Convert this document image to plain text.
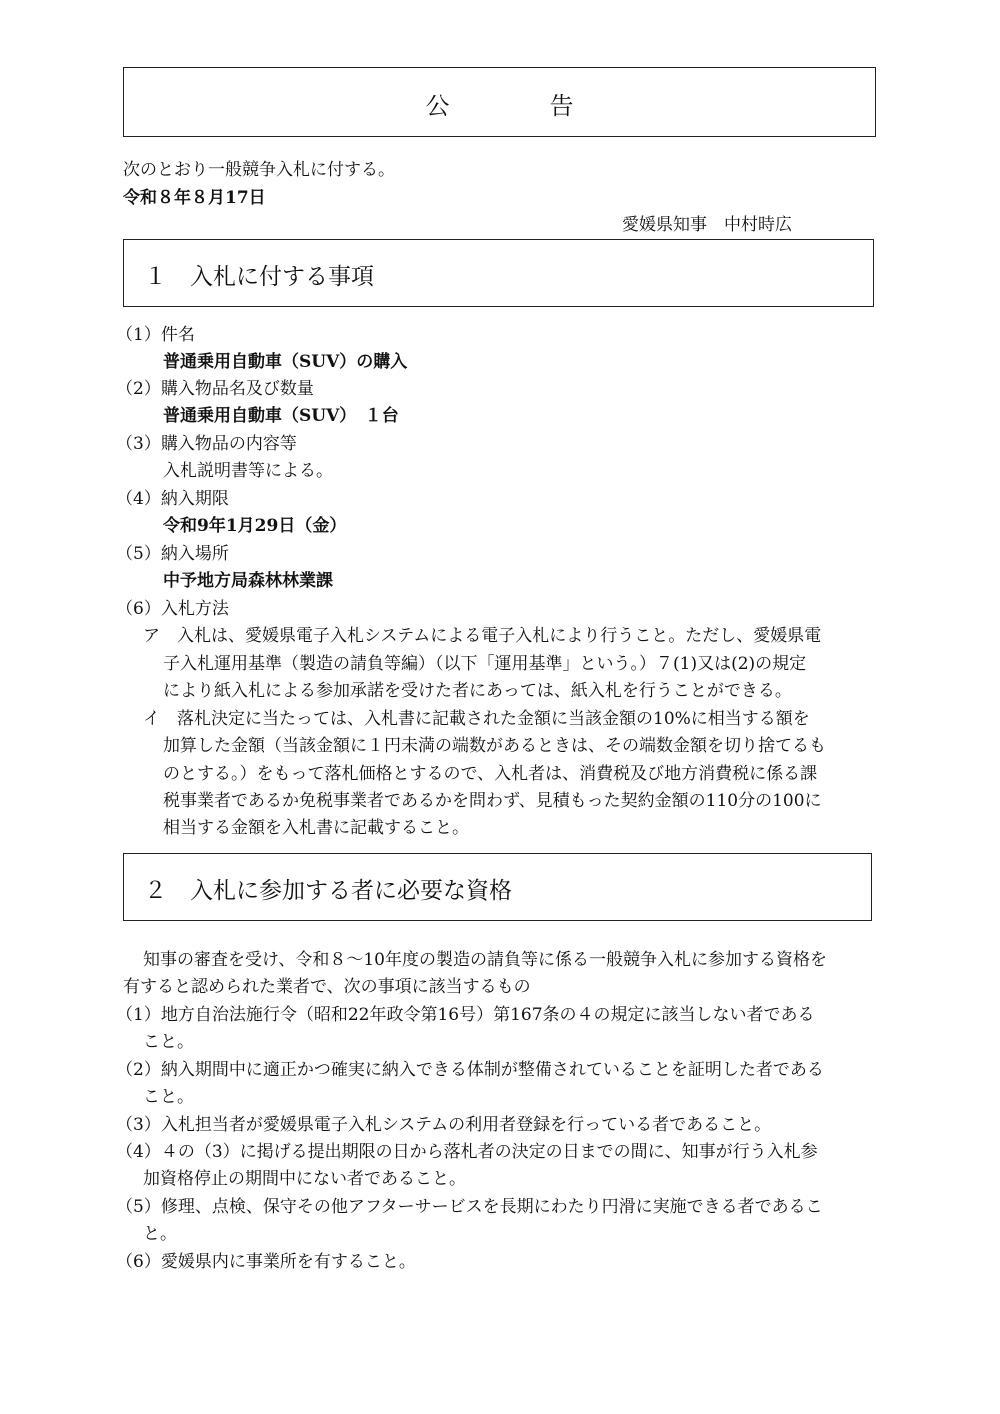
公　告
次のとおり一般競争入札に付する。
令和８年８月17日
愛媛県知事　中村時広
１　入札に付する事項
（1）件名
普通乗用自動車（SUV）の購入
（2）購入物品名及び数量
普通乗用自動車（SUV）　１台
（3）購入物品の内容等
入札説明書等による。
（4）納入期限
令和9年1月29日（金）
（5）納入場所
中予地方局森林林業課
（6）入札方法
ア　入札は、愛媛県電子入札システムによる電子入札により行うこと。ただし、愛媛県電
子入札運用基準（製造の請負等編）（以下「運用基準」という。）７(1)又は(2)の規定
により紙入札による参加承諾を受けた者にあっては、紙入札を行うことができる。
イ　落札決定に当たっては、入札書に記載された金額に当該金額の10%に相当する額を
加算した金額（当該金額に１円未満の端数があるときは、その端数金額を切り捨てるも
のとする。）をもって落札価格とするので、入札者は、消費税及び地方消費税に係る課
税事業者であるか免税事業者であるかを問わず、見積もった契約金額の110分の100に
相当する金額を入札書に記載すること。
２　入札に参加する者に必要な資格
知事の審査を受け、令和８〜10年度の製造の請負等に係る一般競争入札に参加する資格を
有すると認められた業者で、次の事項に該当するもの
（1）地方自治法施行令（昭和22年政令第16号）第167条の４の規定に該当しない者である
こと。
（2）納入期間中に適正かつ確実に納入できる体制が整備されていることを証明した者である
こと。
（3）入札担当者が愛媛県電子入札システムの利用者登録を行っている者であること。
（4）４の（3）に掲げる提出期限の日から落札者の決定の日までの間に、知事が行う入札参
加資格停止の期間中にない者であること。
（5）修理、点検、保守その他アフターサービスを長期にわたり円滑に実施できる者であるこ
と。
（6）愛媛県内に事業所を有すること。
